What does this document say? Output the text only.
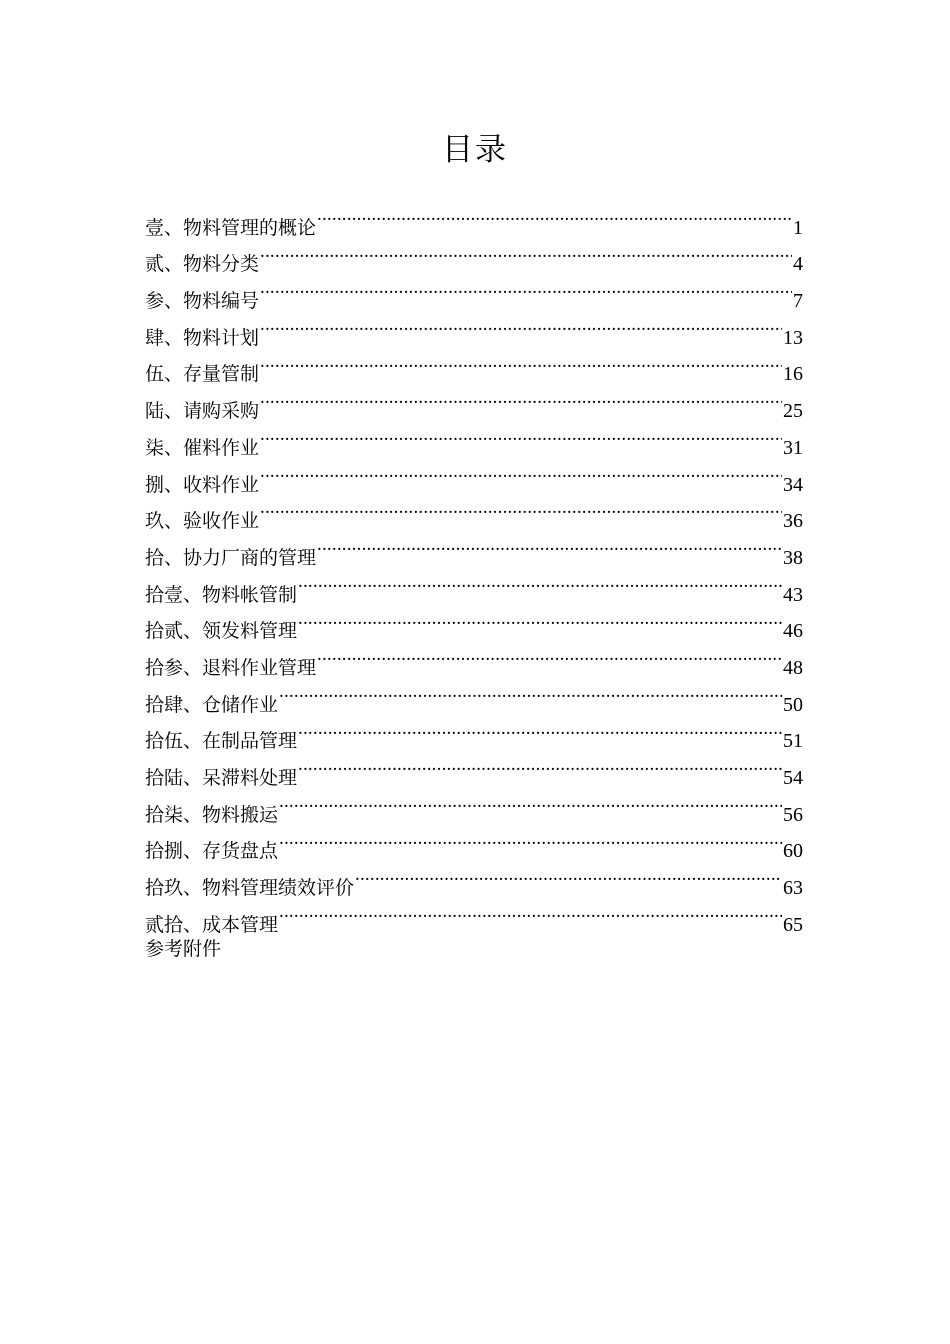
目录
壹、物料管理的概论 .....	1
贰、物料分类 .....	4
参、物料编号 .....	7
肆、物料计划 .....	13
伍、存量管制 .....	16
陆、请购采购 .....	25
柒、催料作业 .....	31
捌、收料作业 .....	34
玖、验收作业 .....	36
拾、协力厂商的管理 .....	38
拾壹、物料帐管制 .....	43
拾贰、领发料管理 .....	46
拾参、退料作业管理 .....	48
拾肆、仓储作业 .....	50
拾伍、在制品管理 .....	51
拾陆、呆滞料处理 .....	54
拾柒、物料搬运 .....	56
拾捌、存货盘点 .....	60
拾玖、物料管理绩效评价 .....	63
贰拾、成本管理 .....	65
参考附件
